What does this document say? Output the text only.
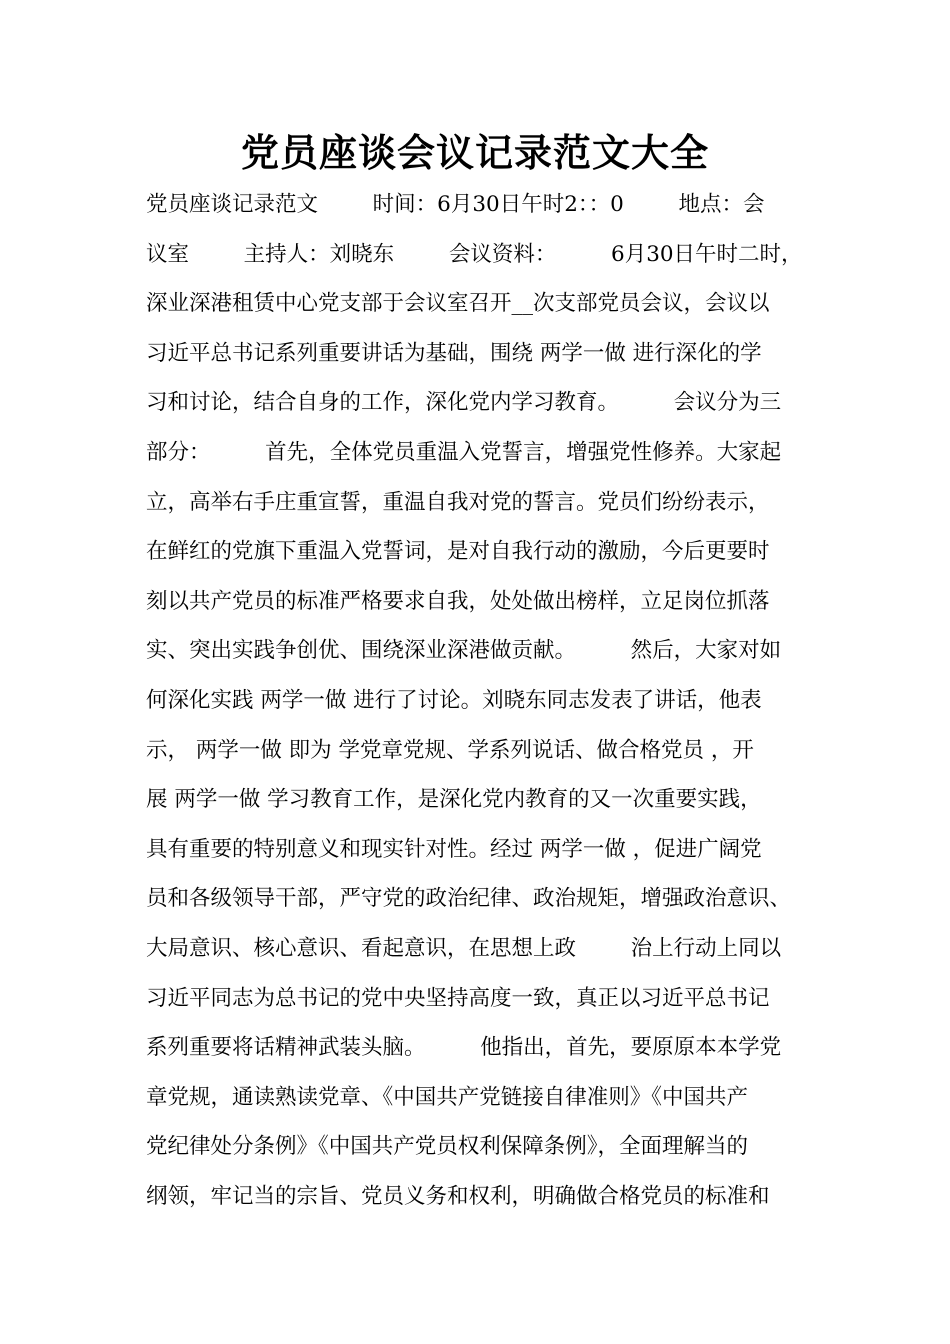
党员座谈会议记录范文大全
党员座谈记录范文        时间：6月30日午时2：：0        地点：会
议室        主持人：刘晓东        会议资料：        6月30日午时二时，
深业深港租赁中心党支部于会议室召开__次支部党员会议，会议以
习近平总书记系列重要讲话为基础，围绕 两学一做 进行深化的学
习和讨论，结合自身的工作，深化党内学习教育。        会议分为三
部分：        首先，全体党员重温入党誓言，增强党性修养。大家起
立，高举右手庄重宣誓，重温自我对党的誓言。党员们纷纷表示，
在鲜红的党旗下重温入党誓词，是对自我行动的激励，今后更要时
刻以共产党员的标准严格要求自我，处处做出榜样，立足岗位抓落
实、突出实践争创优、围绕深业深港做贡献。        然后，大家对如
何深化实践 两学一做 进行了讨论。刘晓东同志发表了讲话，他表
示， 两学一做 即为 学党章党规、学系列说话、做合格党员 ，开
展 两学一做 学习教育工作，是深化党内教育的又一次重要实践，
具有重要的特别意义和现实针对性。经过 两学一做 ，促进广阔党
员和各级领导干部，严守党的政治纪律、政治规矩，增强政治意识、
大局意识、核心意识、看起意识，在思想上政        治上行动上同以
习近平同志为总书记的党中央坚持高度一致，真正以习近平总书记
系列重要将话精神武装头脑。        他指出，首先，要原原本本学党
章党规，通读熟读党章、《中国共产党链接自律准则》《中国共产
党纪律处分条例》《中国共产党员权利保障条例》，全面理解当的
纲领，牢记当的宗旨、党员义务和权利，明确做合格党员的标准和
